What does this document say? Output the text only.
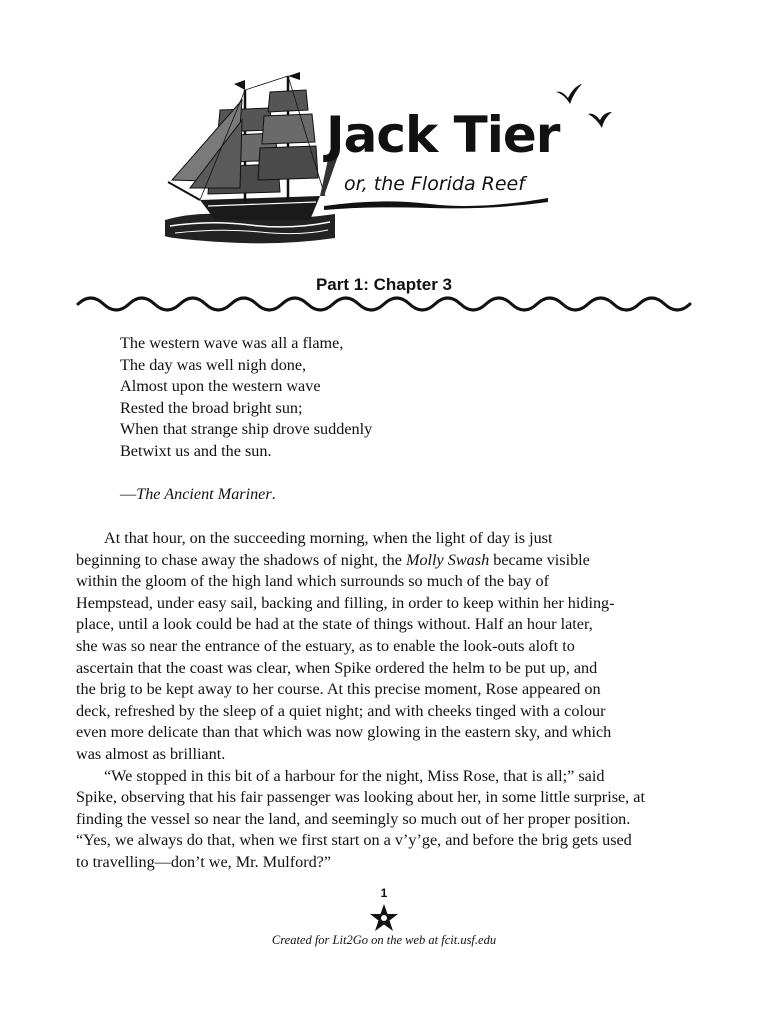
Jack Tier
or, the Florida Reef
Part 1: Chapter 3
The western wave was all a flame,
The day was well nigh done,
Almost upon the western wave
Rested the broad bright sun;
When that strange ship drove suddenly
Betwixt us and the sun.
—The Ancient Mariner.
At that hour, on the succeeding morning, when the light of day is just
beginning to chase away the shadows of night, the Molly Swash became visible
within the gloom of the high land which surrounds so much of the bay of
Hempstead, under easy sail, backing and filling, in order to keep within her hiding-
place, until a look could be had at the state of things without. Half an hour later,
she was so near the entrance of the estuary, as to enable the look-outs aloft to
ascertain that the coast was clear, when Spike ordered the helm to be put up, and
the brig to be kept away to her course. At this precise moment, Rose appeared on
deck, refreshed by the sleep of a quiet night; and with cheeks tinged with a colour
even more delicate than that which was now glowing in the eastern sky, and which
was almost as brilliant.
“We stopped in this bit of a harbour for the night, Miss Rose, that is all;” said
Spike, observing that his fair passenger was looking about her, in some little surprise, at
finding the vessel so near the land, and seemingly so much out of her proper position.
“Yes, we always do that, when we first start on a v’y’ge, and before the brig gets used
to travelling—don’t we, Mr. Mulford?”
1
Created for Lit2Go on the web at fcit.usf.edu
